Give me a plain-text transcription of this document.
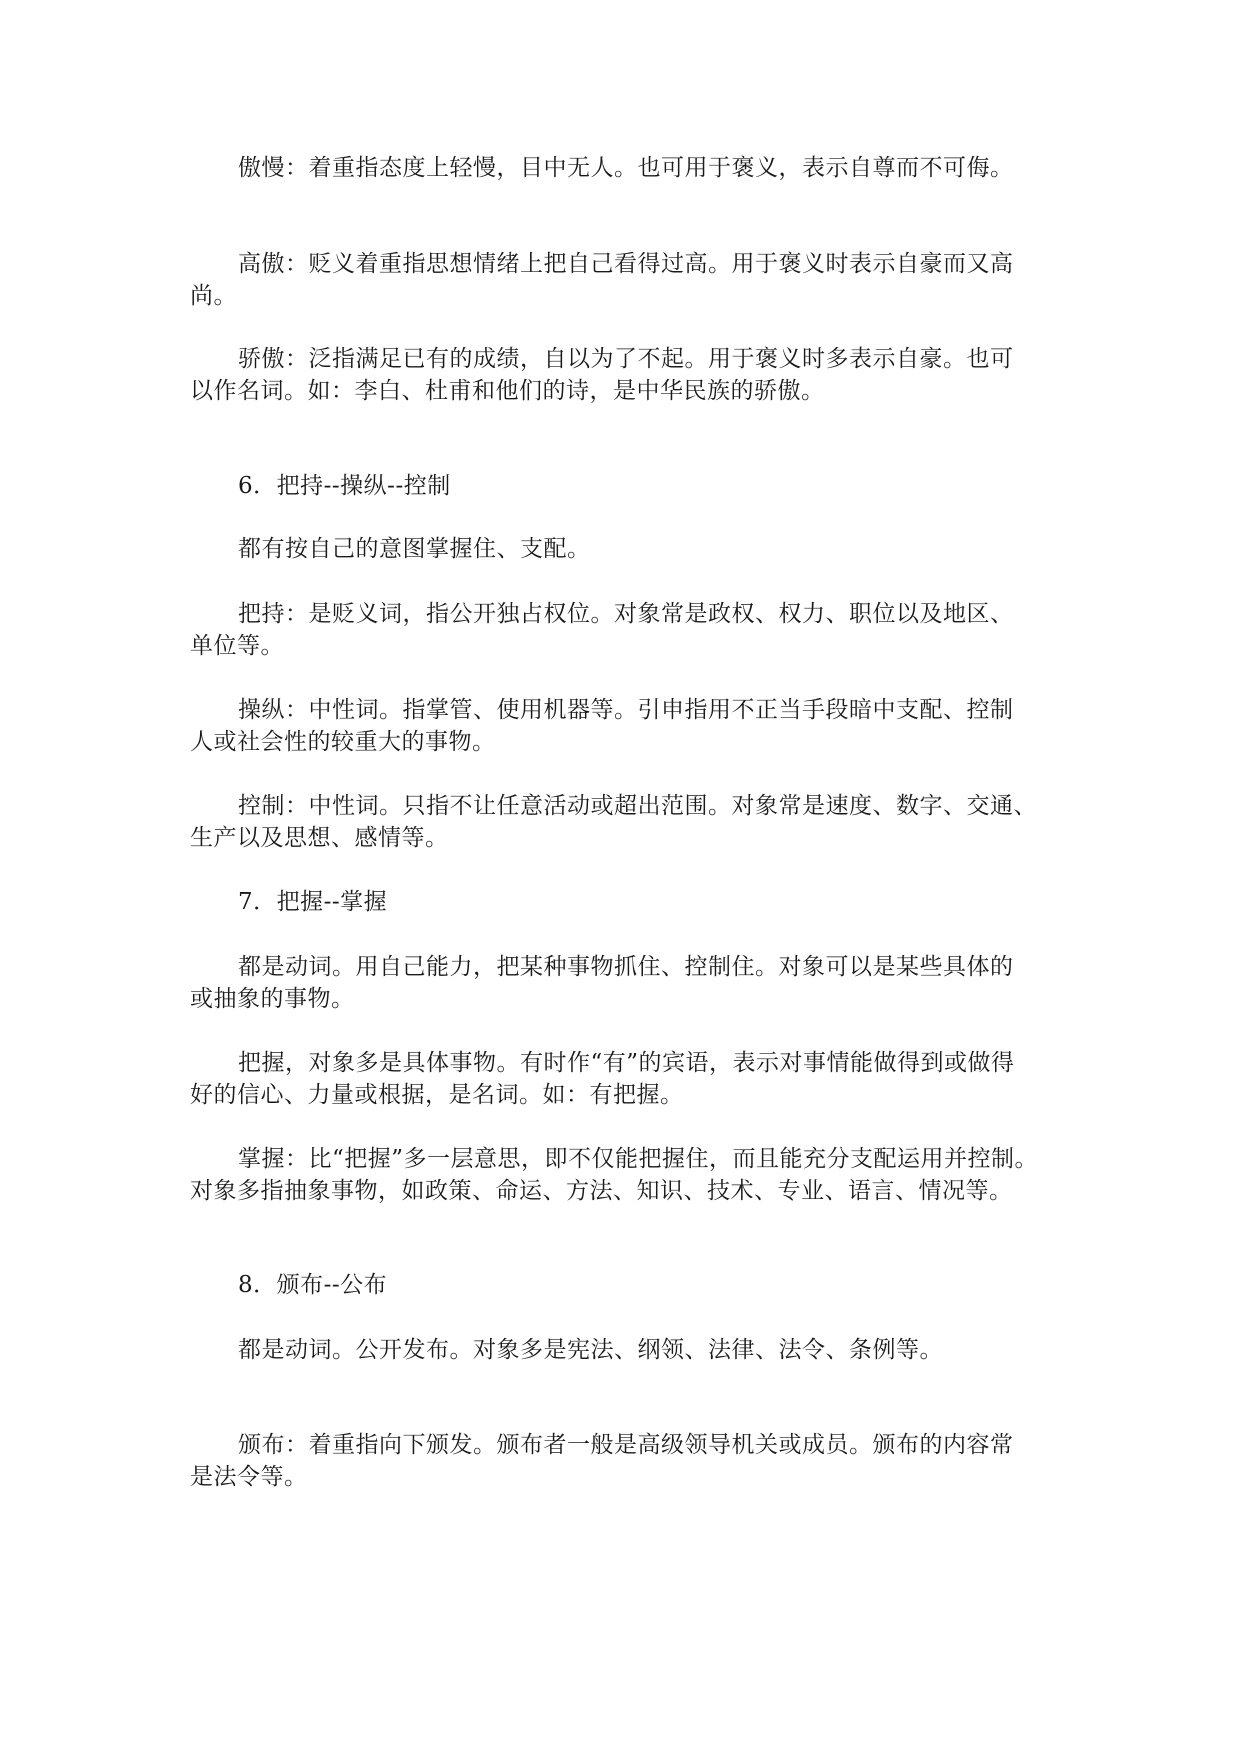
傲慢：着重指态度上轻慢，目中无人。也可用于褒义，表示自尊而不可侮。

高傲：贬义着重指思想情绪上把自己看得过高。用于褒义时表示自豪而又高
尚。

骄傲：泛指满足已有的成绩，自以为了不起。用于褒义时多表示自豪。也可
以作名词。如：李白、杜甫和他们的诗，是中华民族的骄傲。

6．把持--操纵--控制

都有按自己的意图掌握住、支配。

把持：是贬义词，指公开独占权位。对象常是政权、权力、职位以及地区、
单位等。

操纵：中性词。指掌管、使用机器等。引申指用不正当手段暗中支配、控制
人或社会性的较重大的事物。

控制：中性词。只指不让任意活动或超出范围。对象常是速度、数字、交通、
生产以及思想、感情等。

7．把握--掌握

都是动词。用自己能力，把某种事物抓住、控制住。对象可以是某些具体的
或抽象的事物。

把握，对象多是具体事物。有时作“有”的宾语，表示对事情能做得到或做得
好的信心、力量或根据，是名词。如：有把握。

掌握：比“把握”多一层意思，即不仅能把握住，而且能充分支配运用并控制。
对象多指抽象事物，如政策、命运、方法、知识、技术、专业、语言、情况等。

8．颁布--公布

都是动词。公开发布。对象多是宪法、纲领、法律、法令、条例等。

颁布：着重指向下颁发。颁布者一般是高级领导机关或成员。颁布的内容常
是法令等。
